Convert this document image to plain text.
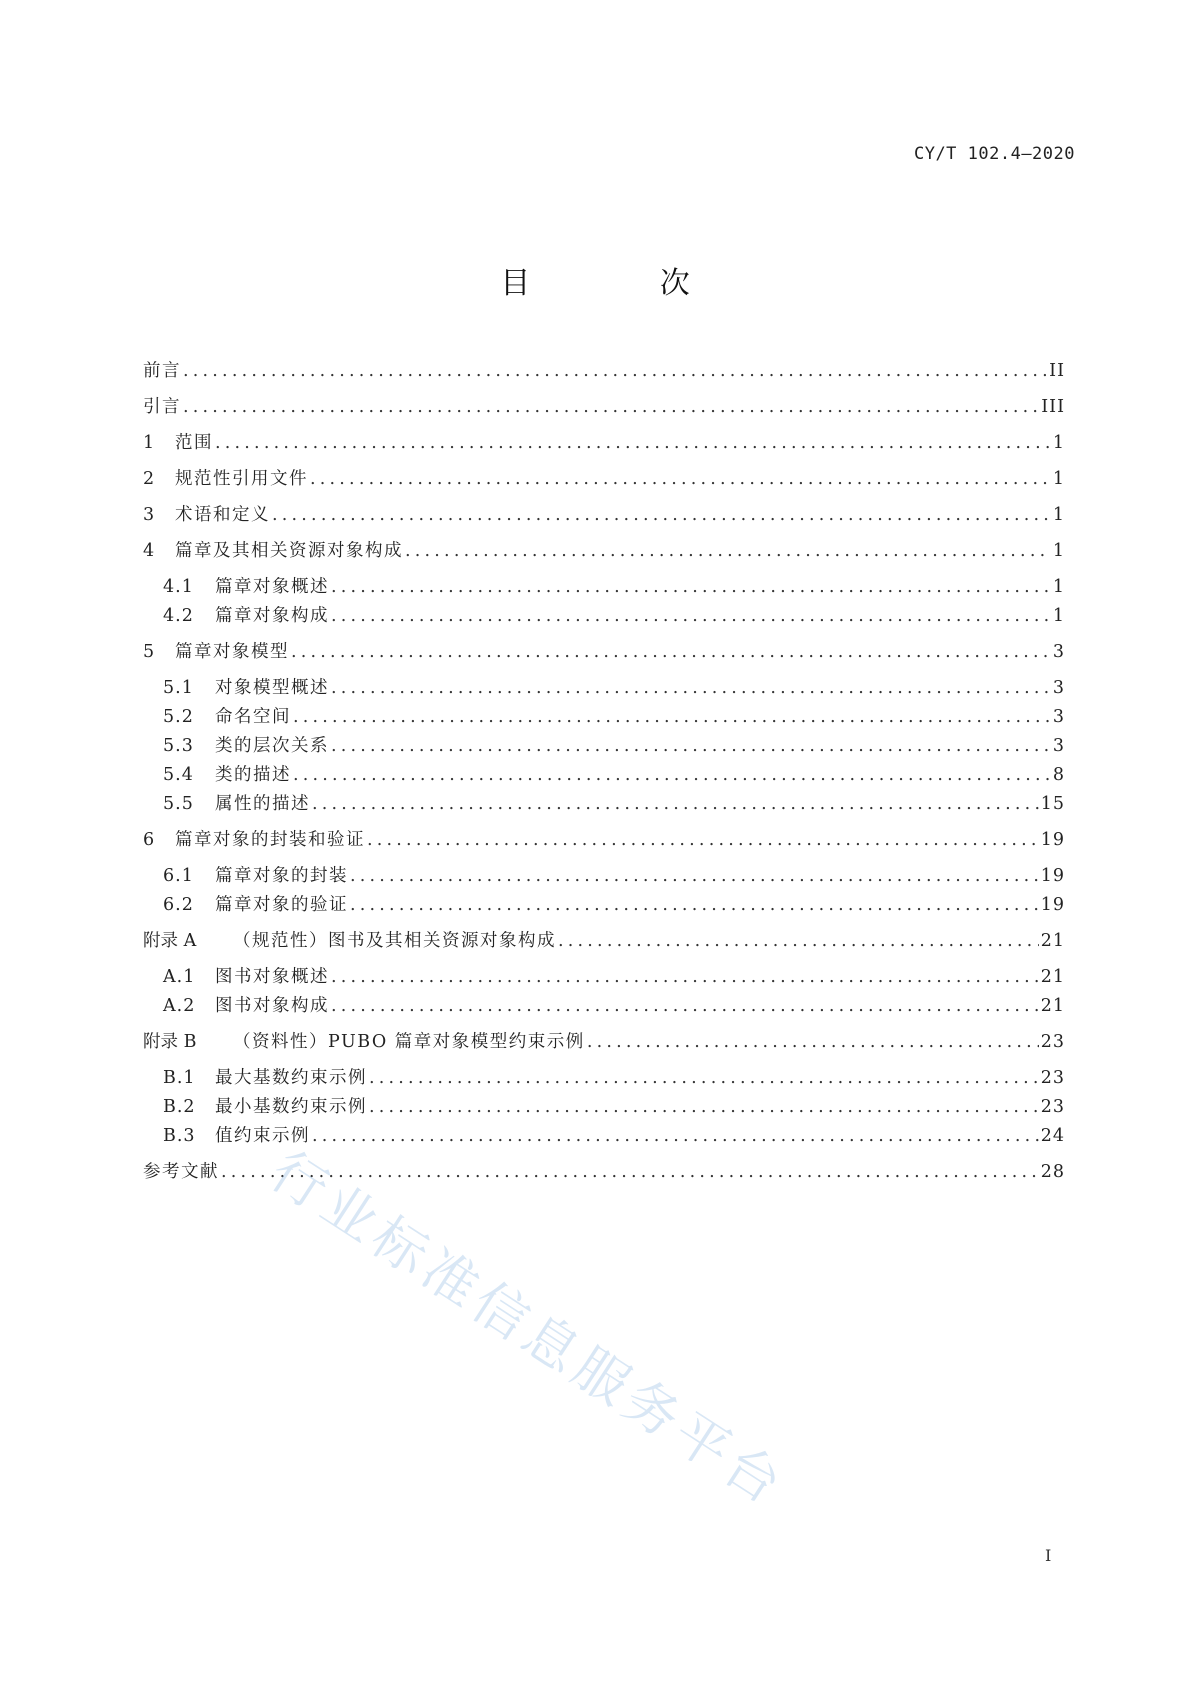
CY/T 102.4—2020
目 次
前言 .....	II
引言 .....	III
1	范围 .....	1
2	规范性引用文件 .....	1
3	术语和定义 .....	1
4	篇章及其相关资源对象构成 .....	1
4.1	篇章对象概述 .....	1
4.2	篇章对象构成 .....	1
5	篇章对象模型 .....	3
5.1	对象模型概述 .....	3
5.2	命名空间 .....	3
5.3	类的层次关系 .....	3
5.4	类的描述 .....	8
5.5	属性的描述 .....	15
6	篇章对象的封装和验证 .....	19
6.1	篇章对象的封装 .....	19
6.2	篇章对象的验证 .....	19
附录 A	（规范性）图书及其相关资源对象构成 .....	21
A.1	图书对象概述 .....	21
A.2	图书对象构成 .....	21
附录 B	（资料性）PUBO 篇章对象模型约束示例 .....	23
B.1	最大基数约束示例 .....	23
B.2	最小基数约束示例 .....	23
B.3	值约束示例 .....	24
参考文献 .....	28
行业标准信息服务平台
I
